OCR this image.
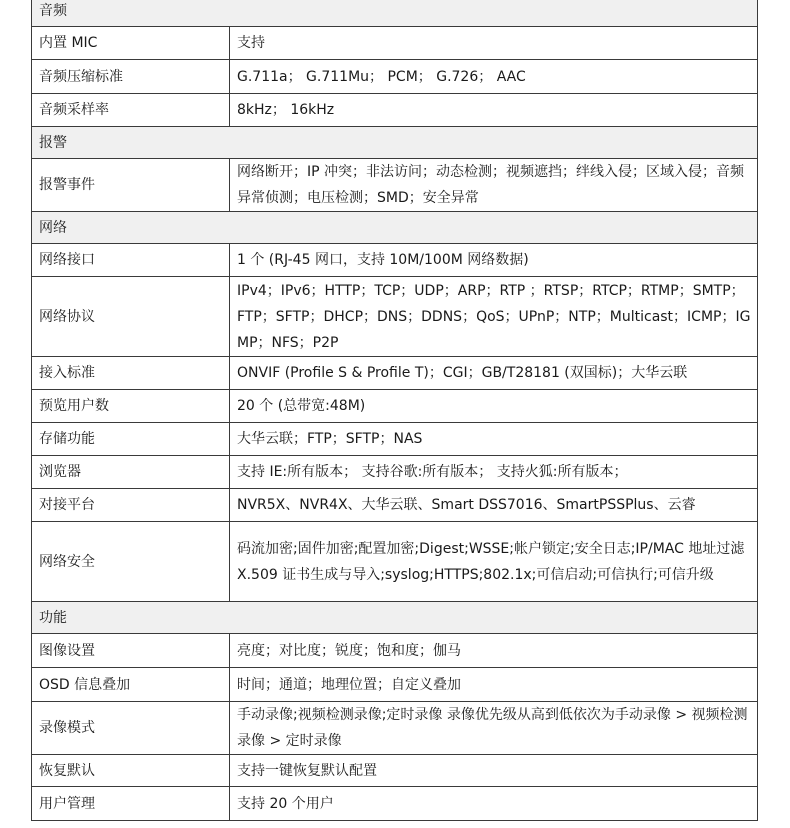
音频	
内置 MIC	支持
音频压缩标准	G.711a； G.711Mu； PCM； G.726； AAC
音频采样率	8kHz； 16kHz
报警	
报警事件	网络断开；IP 冲突；非法访问；动态检测；视频遮挡；绊线入侵；区域入侵；音频异常侦测；电压检测；SMD；安全异常
网络	
网络接口	1 个 (RJ-45 网口，支持 10M/100M 网络数据)
网络协议	IPv4；IPv6；HTTP；TCP；UDP；ARP；RTP ；RTSP；RTCP；RTMP；SMTP；FTP；SFTP；DHCP；DNS；DDNS；QoS；UPnP；NTP；Multicast；ICMP；IGMP；NFS；P2P
接入标准	ONVIF (Profile S & Profile T)；CGI；GB/T28181 (双国标)；大华云联
预览用户数	20 个 (总带宽:48M)
存储功能	大华云联；FTP；SFTP；NAS
浏览器	支持 IE:所有版本； 支持谷歌:所有版本； 支持火狐:所有版本；
对接平台	NVR5X、NVR4X、大华云联、Smart DSS7016、SmartPSSPlus、云睿
网络安全	码流加密;固件加密;配置加密;Digest;WSSE;帐户锁定;安全日志;IP/MAC 地址过滤X.509 证书生成与导入;syslog;HTTPS;802.1x;可信启动;可信执行;可信升级
功能	
图像设置	亮度；对比度；锐度；饱和度；伽马
OSD 信息叠加	时间；通道；地理位置；自定义叠加
录像模式	手动录像;视频检测录像;定时录像 录像优先级从高到低依次为手动录像 > 视频检测录像 > 定时录像
恢复默认	支持一键恢复默认配置
用户管理	支持 20 个用户
